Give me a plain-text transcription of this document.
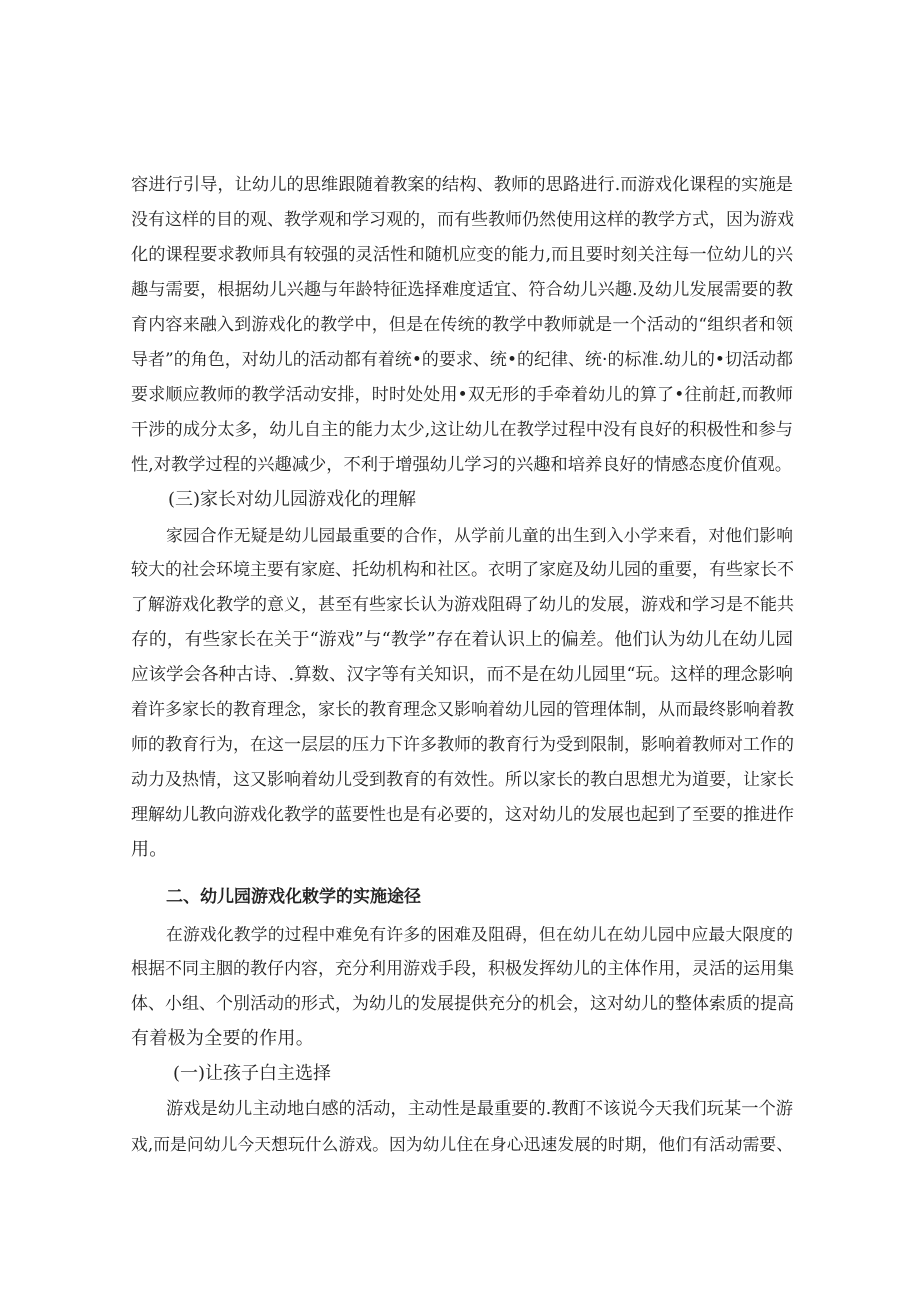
容进行引导，让幼儿的思维跟随着教案的结构、教师的思路进行.而游戏化课程的实施是
没有这样的目的观、教学观和学习观的，而有些教师仍然使用这样的教学方式，因为游戏
化的课程要求教师具有较强的灵活性和随机应变的能力,而且要时刻关注每一位幼儿的兴
趣与需要，根据幼儿兴趣与年龄特征选择难度适宜、符合幼儿兴趣.及幼儿发展需要的教
育内容来融入到游戏化的教学中，但是在传统的教学中教师就是一个活动的“组织者和领
导者”的角色，对幼儿的活动都有着统•的要求、统•的纪律、统·的标准.幼儿的•切活动都
要求顺应教师的教学活动安排，时时处处用•双无形的手牵着幼儿的算了•往前赶,而教师
干涉的成分太多，幼儿自主的能力太少,这让幼儿在教学过程中没有良好的积极性和参与
性,对教学过程的兴趣减少，不利于增强幼儿学习的兴趣和培养良好的情感态度价值观。
(三)家长对幼儿园游戏化的理解
家园合作无疑是幼儿园最重要的合作，从学前儿童的出生到入小学来看，对他们影响
较大的社会环境主要有家庭、托幼机构和社区。衣明了家庭及幼儿园的重要，有些家长不
了解游戏化教学的意义，甚至有些家长认为游戏阻碍了幼儿的发展，游戏和学习是不能共
存的，有些家长在关于“游戏”与“教学”存在着认识上的偏差。他们认为幼儿在幼儿园
应该学会各种古诗、.算数、汉字等有关知识，而不是在幼儿园里“玩。这样的理念影响
着许多家长的教育理念，家长的教育理念又影响着幼儿园的管理体制，从而最终影响着教
师的教育行为，在这一层层的压力下许多教师的教育行为受到限制，影响着教师对工作的
动力及热情，这又影响着幼儿受到教育的有效性。所以家长的教白思想尤为道要，让家长
理解幼儿教向游戏化教学的蓝要性也是有必要的，这对幼儿的发展也起到了至要的推进作
用。
二、幼儿园游戏化敕学的实施途径
在游戏化教学的过程中难免有许多的困难及阻碍，但在幼儿在幼儿园中应最大限度的
根据不同主胭的教仔内容，充分利用游戏手段，积极发挥幼儿的主体作用，灵活的运用集
体、小组、个別活动的形式，为幼儿的发展提供充分的机会，这对幼儿的整体索质的提高
有着极为全要的作用。
(一)让孩子白主选择
游戏是幼儿主动地白感的活动，主动性是最重要的.教酊不该说今天我们玩某一个游
戏,而是问幼儿今天想玩什么游戏。因为幼儿住在身心迅速发展的时期，他们有活动需要、
